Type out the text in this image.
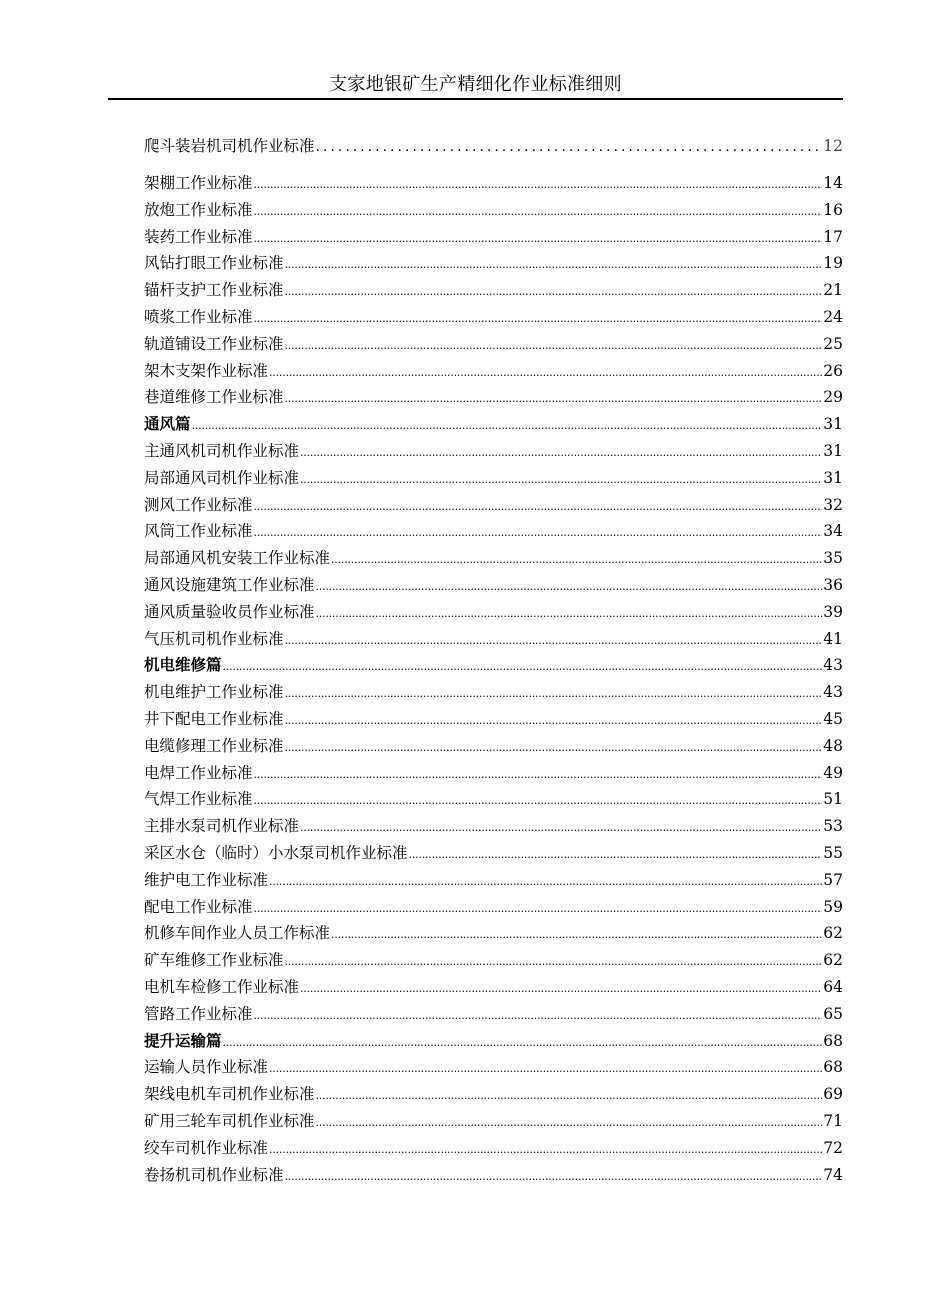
支家地银矿生产精细化作业标准细则
爬斗装岩机司机作业标准 .....	12
架棚工作业标准 .....	14
放炮工作业标准 .....	16
装药工作业标准 .....	17
风钻打眼工作业标准 .....	19
锚杆支护工作业标准 .....	21
喷浆工作业标准 .....	24
轨道铺设工作业标准 .....	25
架木支架作业标准 .....	26
巷道维修工作业标准 .....	29
通风篇 .....	31
主通风机司机作业标准 .....	31
局部通风司机作业标准 .....	31
测风工作业标准 .....	32
风筒工作业标准 .....	34
局部通风机安装工作业标准 .....	35
通风设施建筑工作业标准 .....	36
通风质量验收员作业标准 .....	39
气压机司机作业标准 .....	41
机电维修篇 .....	43
机电维护工作业标准 .....	43
井下配电工作业标准 .....	45
电缆修理工作业标准 .....	48
电焊工作业标准 .....	49
气焊工作业标准 .....	51
主排水泵司机作业标准 .....	53
采区水仓（临时）小水泵司机作业标准 .....	55
维护电工作业标准 .....	57
配电工作业标准 .....	59
机修车间作业人员工作标准 .....	62
矿车维修工作业标准 .....	62
电机车检修工作业标准 .....	64
管路工作业标准 .....	65
提升运输篇 .....	68
运输人员作业标准 .....	68
架线电机车司机作业标准 .....	69
矿用三轮车司机作业标准 .....	71
绞车司机作业标准 .....	72
卷扬机司机作业标准 .....	74
